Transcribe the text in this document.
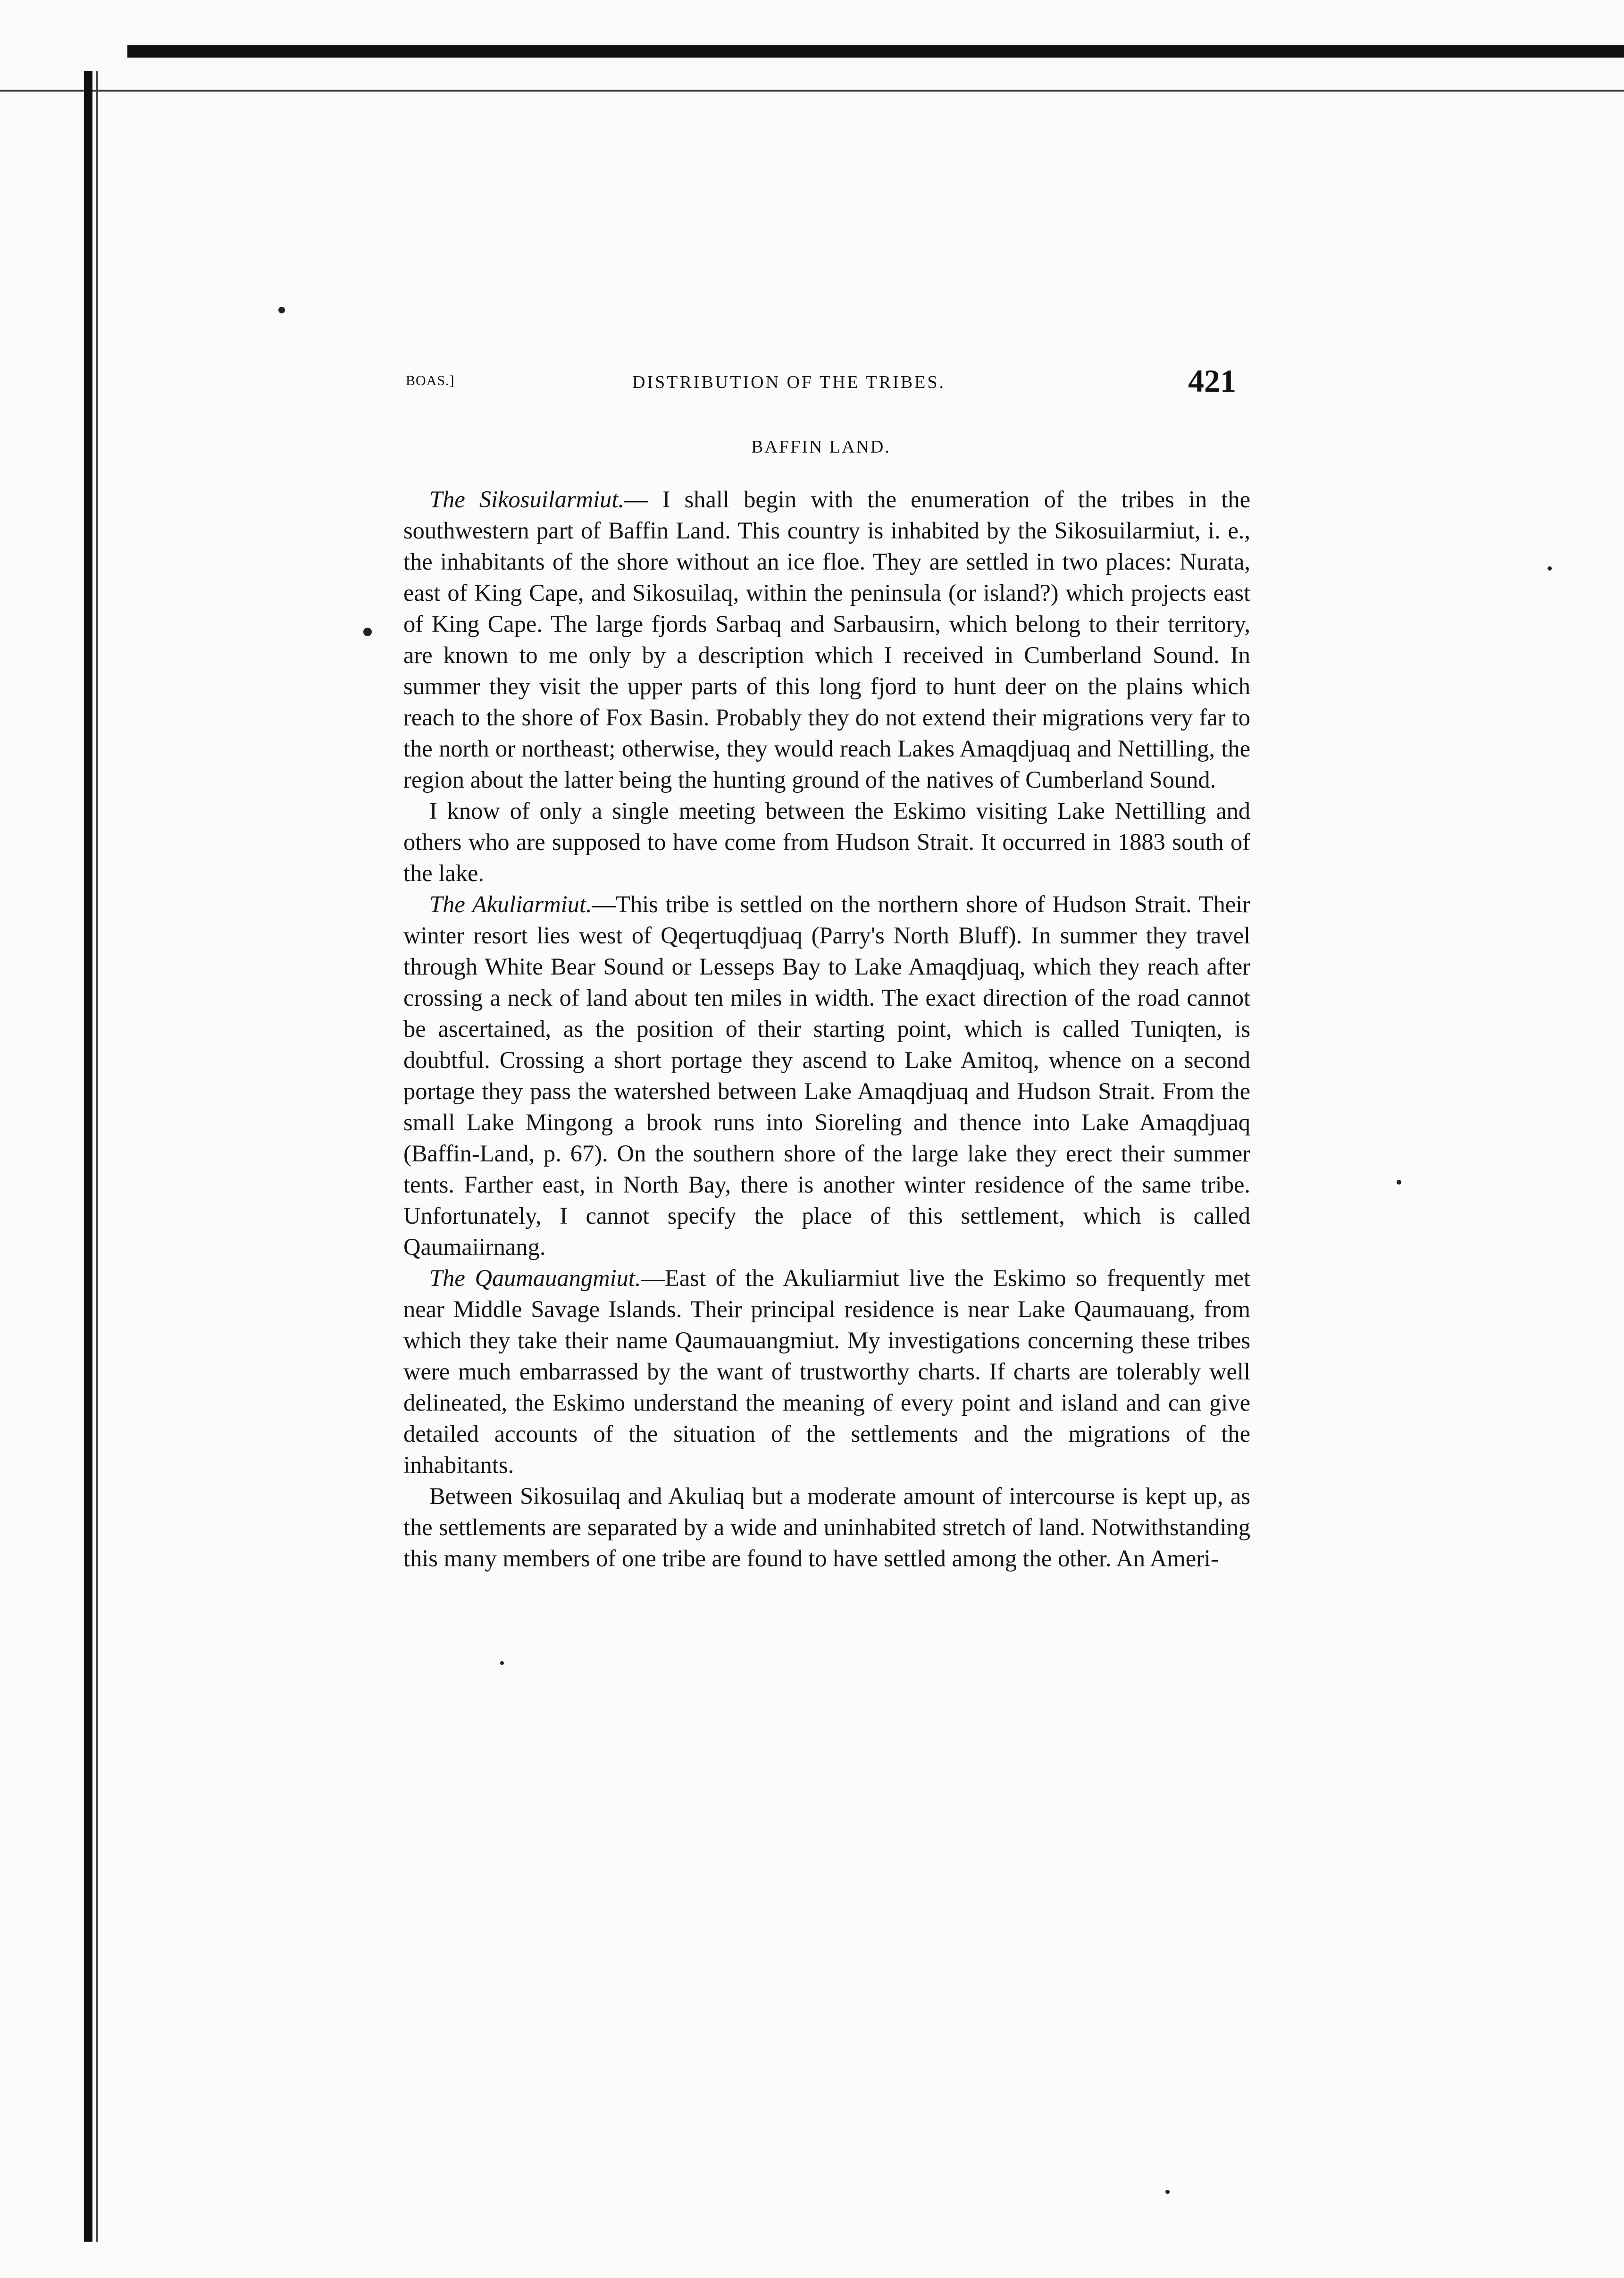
BOAS.]	DISTRIBUTION OF THE TRIBES.	421
BAFFIN LAND.

The Sikosuilarmiut.— I shall begin with the enumeration of the tribes in the southwestern part of Baffin Land. This country is inhabited by the Sikosuilarmiut, i. e., the inhabitants of the shore without an ice floe. They are settled in two places: Nurata, east of King Cape, and Sikosuilaq, within the peninsula (or island?) which projects east of King Cape. The large fjords Sarbaq and Sarbausirn, which belong to their territory, are known to me only by a description which I received in Cumberland Sound. In summer they visit the upper parts of this long fjord to hunt deer on the plains which reach to the shore of Fox Basin. Probably they do not extend their migrations very far to the north or northeast; otherwise, they would reach Lakes Amaqdjuaq and Nettilling, the region about the latter being the hunting ground of the natives of Cumberland Sound.

I know of only a single meeting between the Eskimo visiting Lake Nettilling and others who are supposed to have come from Hudson Strait. It occurred in 1883 south of the lake.

The Akuliarmiut.—This tribe is settled on the northern shore of Hudson Strait. Their winter resort lies west of Qeqertuqdjuaq (Parry's North Bluff). In summer they travel through White Bear Sound or Lesseps Bay to Lake Amaqdjuaq, which they reach after crossing a neck of land about ten miles in width. The exact direction of the road cannot be ascertained, as the position of their starting point, which is called Tuniqten, is doubtful. Crossing a short portage they ascend to Lake Amitoq, whence on a second portage they pass the watershed between Lake Amaqdjuaq and Hudson Strait. From the small Lake Mingong a brook runs into Sioreling and thence into Lake Amaqdjuaq (Baffin-Land, p. 67). On the southern shore of the large lake they erect their summer tents. Farther east, in North Bay, there is another winter residence of the same tribe. Unfortunately, I cannot specify the place of this settlement, which is called Qaumaiirnang.

The Qaumauangmiut.—East of the Akuliarmiut live the Eskimo so frequently met near Middle Savage Islands. Their principal residence is near Lake Qaumauang, from which they take their name Qaumauangmiut. My investigations concerning these tribes were much embarrassed by the want of trustworthy charts. If charts are tolerably well delineated, the Eskimo understand the meaning of every point and island and can give detailed accounts of the situation of the settlements and the migrations of the inhabitants.

Between Sikosuilaq and Akuliaq but a moderate amount of intercourse is kept up, as the settlements are separated by a wide and uninhabited stretch of land. Notwithstanding this many members of one tribe are found to have settled among the other. An Ameri-
